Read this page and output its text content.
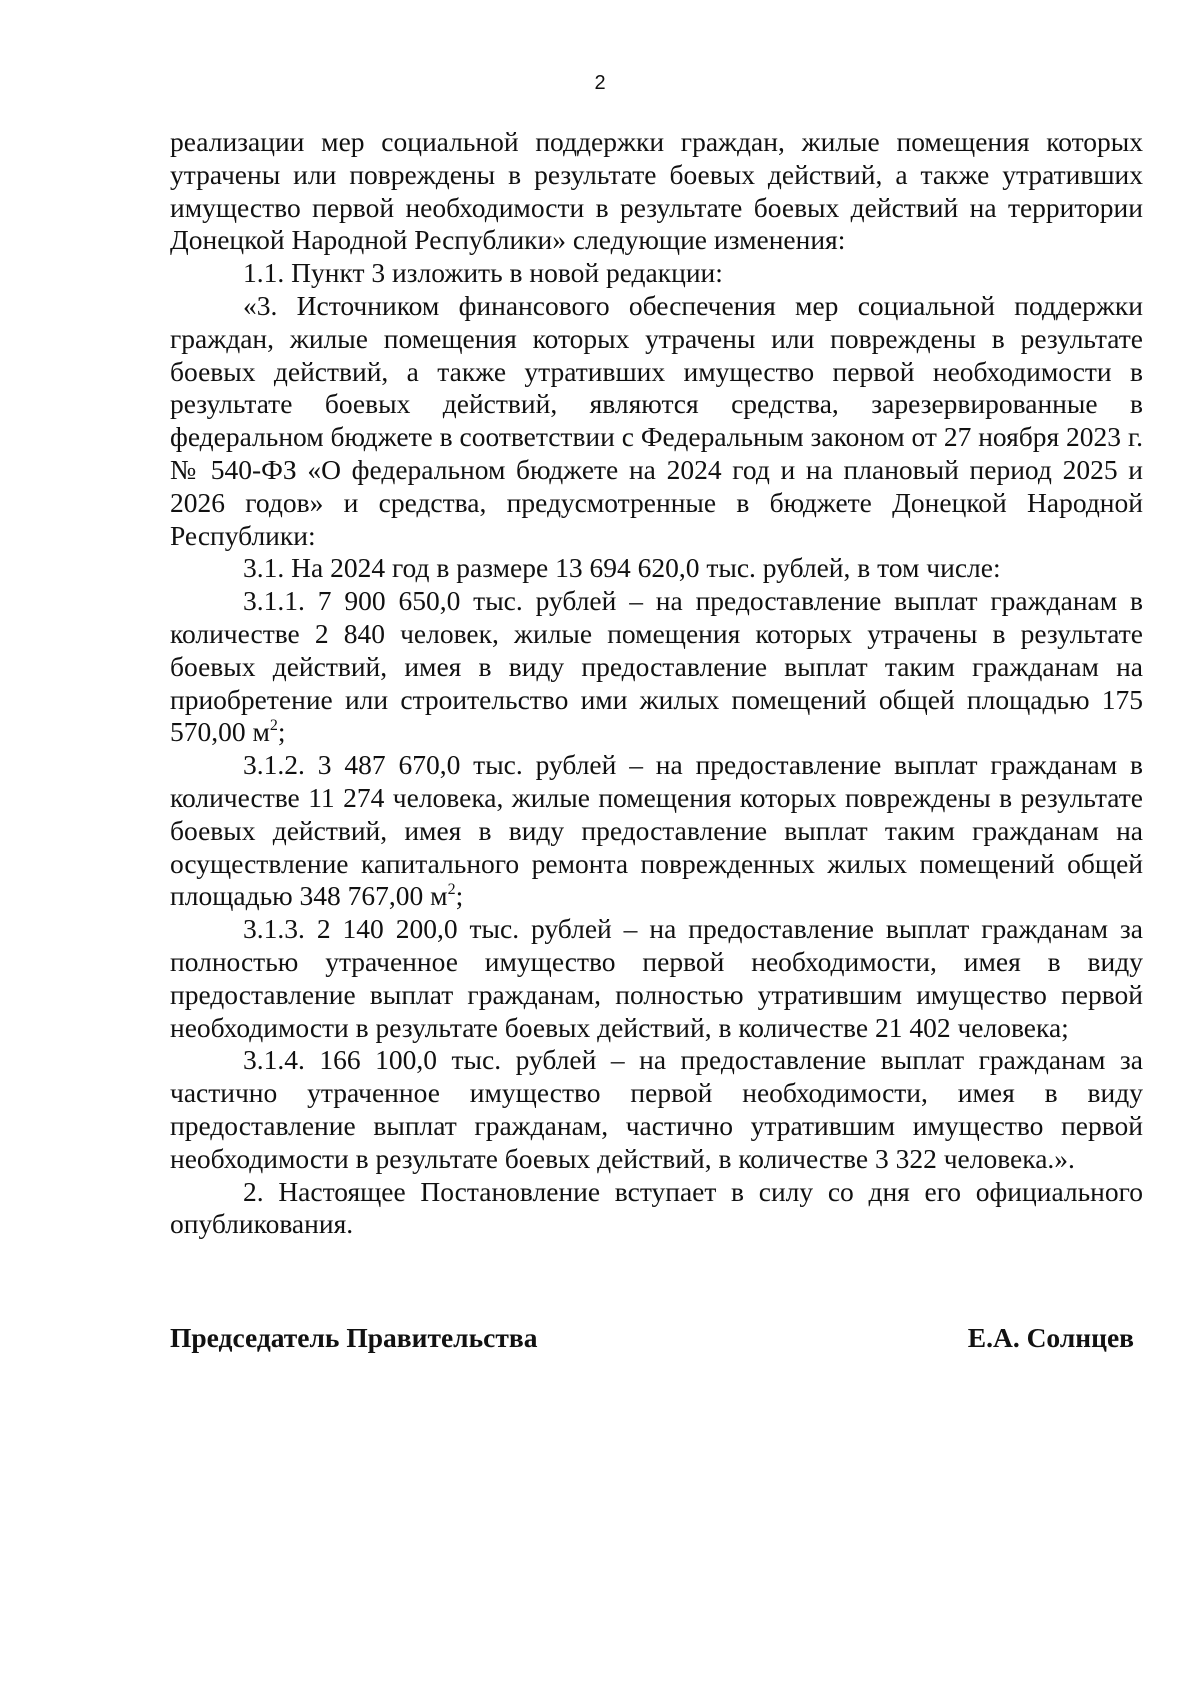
2

реализации мер социальной поддержки граждан, жилые помещения которых утрачены или повреждены в результате боевых действий, а также утративших имущество первой необходимости в результате боевых действий на территории Донецкой Народной Республики» следующие изменения:

1.1. Пункт 3 изложить в новой редакции:

«3. Источником финансового обеспечения мер социальной поддержки граждан, жилые помещения которых утрачены или повреждены в результате боевых действий, а также утративших имущество первой необходимости в результате боевых действий, являются средства, зарезервированные в федеральном бюджете в соответствии с Федеральным законом от 27 ноября 2023 г. № 540-ФЗ «О федеральном бюджете на 2024 год и на плановый период 2025 и 2026 годов» и средства, предусмотренные в бюджете Донецкой Народной Республики:

3.1. На 2024 год в размере 13 694 620,0 тыс. рублей, в том числе:

3.1.1. 7 900 650,0 тыс. рублей – на предоставление выплат гражданам в количестве 2 840 человек, жилые помещения которых утрачены в результате боевых действий, имея в виду предоставление выплат таким гражданам на приобретение или строительство ими жилых помещений общей площадью 175 570,00 $м^2$;

3.1.2. 3 487 670,0 тыс. рублей – на предоставление выплат гражданам в количестве 11 274 человека, жилые помещения которых повреждены в результате боевых действий, имея в виду предоставление выплат таким гражданам на осуществление капитального ремонта поврежденных жилых помещений общей площадью 348 767,00 $м^2$;

3.1.3. 2 140 200,0 тыс. рублей – на предоставление выплат гражданам за полностью утраченное имущество первой необходимости, имея в виду предоставление выплат гражданам, полностью утратившим имущество первой необходимости в результате боевых действий, в количестве 21 402 человека;

3.1.4. 166 100,0 тыс. рублей – на предоставление выплат гражданам за частично утраченное имущество первой необходимости, имея в виду предоставление выплат гражданам, частично утратившим имущество первой необходимости в результате боевых действий, в количестве 3 322 человека.».

2. Настоящее Постановление вступает в силу со дня его официального опубликования.

Председатель Правительства	Е.А. Солнцев
